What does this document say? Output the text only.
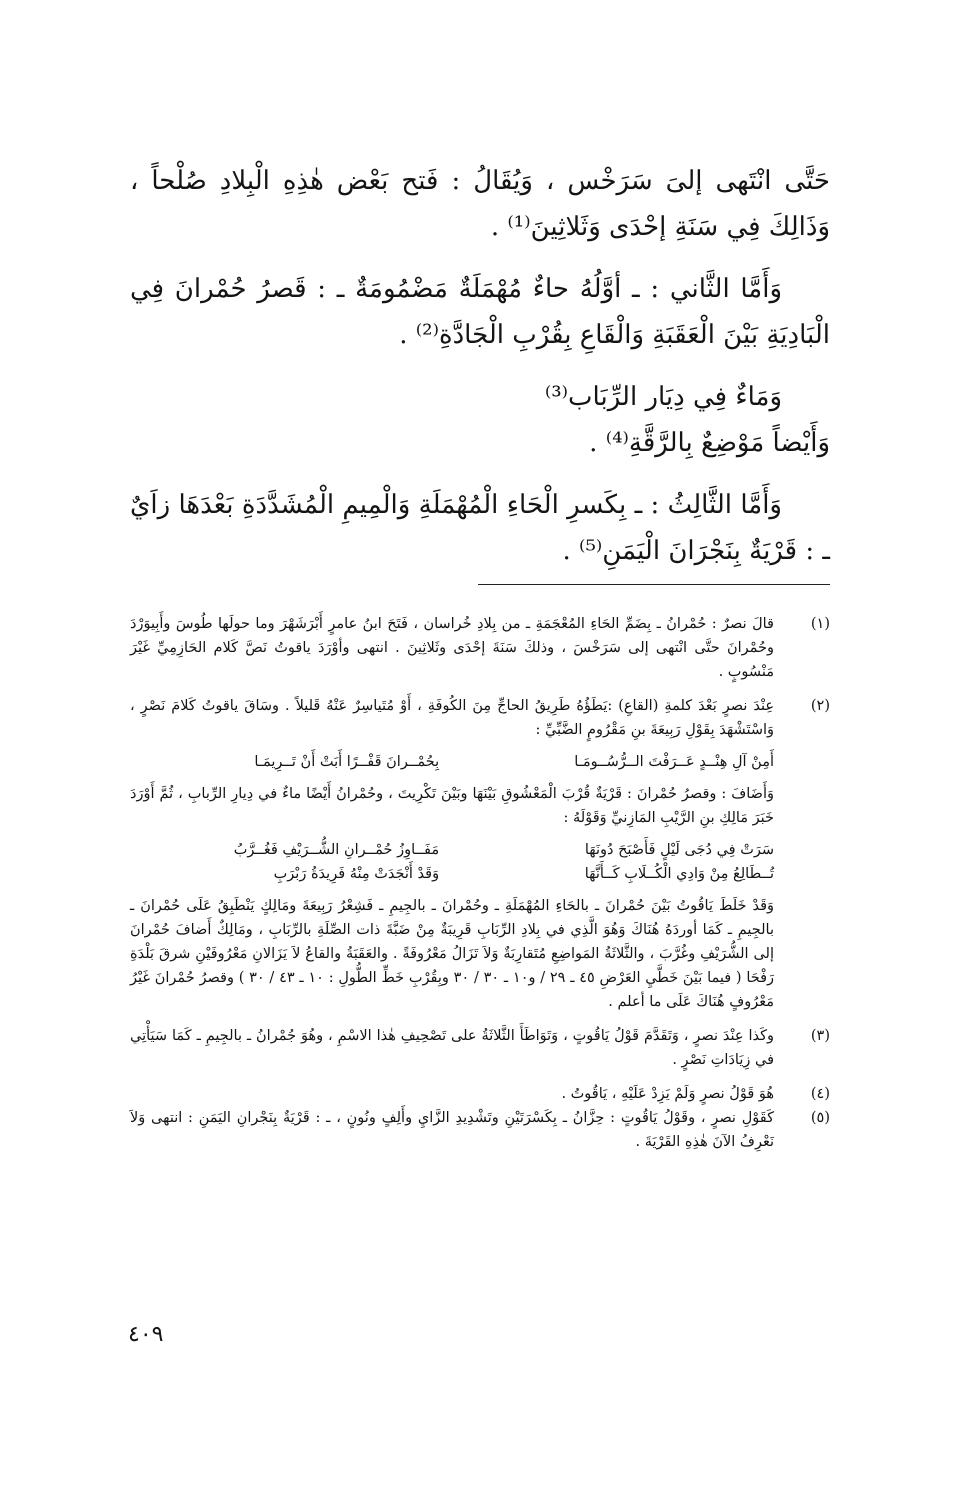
حَتَّى انْتَهى إلىَ سَرَخْس ، وَيُقَالُ : فَتح بَعْض هٰذِهِ الْبِلادِ صُلْحاً ، وَذَالِكَ فِي سَنَةِ إحْدَى وَثَلاثِينَ⁽¹⁾ .

وَأَمَّا الثَّاني : ـ أوَّلُهُ حاءٌ مُهْمَلَةٌ مَضْمُومَةٌ ـ : قَصرُ حُمْرانَ فِي الْبَادِيَةِ بَيْنَ الْعَقَبَةِ وَالْقَاعِ بِقُرْبِ الْجَادَّةِ⁽²⁾ .

وَمَاءٌ فِي دِيَار الرِّبَاب⁽³⁾

وَأَيْضاً مَوْضِعٌ بِالرَّقَّةِ⁽⁴⁾ .

وَأَمَّا الثَّالِثُ : ـ بِكَسرِ الْحَاءِ الْمُهْمَلَةِ وَالْمِيمِ الْمُشَدَّدَةِ بَعْدَهَا زاَيٌ ـ : قَرْيَةٌ بِنَجْرَانَ الْيَمَنِ⁽⁵⁾ .

(١)

قالَ نصرٌ : حُمْرانُ ـ بِضَمِّ الحَاءِ المُعْجَمَةِ ـ من بِلادِ خُراسان ، فَتَحَ ابنُ عامرٍ أَبْرَشَهْرَ وما حولَها طُوسَ وأَبِيوَرْدَ وحُمْرانَ حتَّى انْتهى إلى سَرَخْسَ ، وذلكَ سَنَةَ إحْدَى وثَلاثِينَ . انتهى وأوْرَدَ ياقوتُ نَصَّ كَلام الحَازِمِيِّ غَيْرَ مَنْسُوبٍ .

(٢)

عِنْدَ نصرٍ بَعْدَ كلمةِ (القاعِ) :يَطَؤُهُ طَرِيقُ الحاجِّ مِنَ الكُوفَةِ ، أَوْ مُتَياسِرٌ عَنْهُ قَليلاً . وسَاقَ ياقوتُ كَلامَ نَصْرٍ ، وَاسْتَشْهَدَ بِقَوْلِ رَبِيعَةَ بنِ مَقْرُومٍ الضَّبِّيِّ :

أَمِنْ آلِ هِنْــدٍ عَــرَفْتَ الــرُّسُــومَـا
بِحُمْــرانَ قَفْــرًا أَبَتْ أَنْ تَــرِيمَـا

وَأَضَافَ : وقصرُ حُمْرانَ : قَرْيَةٌ قُرْبَ الْمَعْشُوقِ بَيْنَهَا وبَيْنَ تَكْرِيتَ ، وحُمْرانُ أَيْضًا ماءٌ في دِيارِ الرِّبابِ ، ثُمَّ أَوْرَدَ خَبَرَ مَالِكِ بنِ الرَّيْبِ المَازِنيِّ وَقَوْلَهُ :

سَرَتْ فِي دُجَى لَيْلٍ فَأَصْبَحَ دُونَهَا
مَفَــاوِزُ حُمْــرانِ الشُّــرَيْفِ فَغُــرَّبُ
تُــطَالِعُ مِنْ وَادِي الْكُــلَابِ كَــأَنَّهَا
وَقَدْ أَنْجَدَتْ مِنْهُ فَرِيدَةُ رَبْرَبِ

وَقَدْ خَلَطَ يَاقُوتُ بَيْنَ حُمْرانَ ـ بالحَاءِ المُهْمَلَةِ ـ وحُمْرانَ ـ بالجِيمِ ـ فَشِعْرُ رَبِيعَةَ ومَالِكٍ يَنْطَبِقُ عَلَى حُمْرانَ ـ بالجِيمِ ـ كَمَا أوردَهُ هُنَاكَ وَهُوَ الَّذِي في بِلادِ الرِّبَابِ قَرِيبَةٌ مِنْ ضَبَّةَ ذات الصِّلَةِ بالرِّبَابِ ، ومَالِكٌ أَضافَ حُمْرانَ إلى الشُّرَيْفِ وغُرَّبَ ، والثَّلاثَةُ المَواضِعِ مُتَقارِبَةٌ وَلاَ تَزَالُ مَعْرُوفَةً . والعَقَبَةُ والقاعُ لاَ يَزَالانِ مَعْرُوفَيْنِ شرقَ بَلْدَةِ رَفْحَا ( فيما بَيْنَ خَطَّيِ العَرْضِ ٤٥ ـ ٢٩ / و١٠ ـ ٣٠ / ٣٠ وبِقُرْبِ خَطِّ الطُّولِ : ١٠ ـ ٤٣ / ٣٠ ) وقصرُ حُمْرانَ غَيْرُ مَعْرُوفٍ هُنَاكَ عَلَى ما أعلم .

(٣)

وكَذا عِنْدَ نصرٍ ، وَتَقَدَّمَ قَوْلُ يَاقُوتٍ ، وَتَوَاطَأَ الثَّلاثَةُ على تَصْحِيفِ هٰذا الاسْمِ ، وهُوَ جُمْرانُ ـ بالجِيمِ ـ كَمَا سَيَأْتِي في زِيَادَاتِ نَصْرٍ .

(٤)

هُوَ قَوْلُ نصرٍ وَلَمْ يَزِدْ عَلَيْهِ ، يَاقُوتُ .

(٥)

كَقَوْلِ نصرٍ ، وقَوْلُ يَاقُوتٍ : حِزَّانُ ـ بِكَسْرَتَيْنِ وتَشْدِيدِ الزَّايِ وأَلِفٍ ونُونٍ ، ـ : قَرْيَةٌ بِنَجْرانِ اليَمَنِ : انتهى وَلاَ نَعْرِفُ الآنَ هٰذِهِ القَرْيَةَ .

٤٠٩
